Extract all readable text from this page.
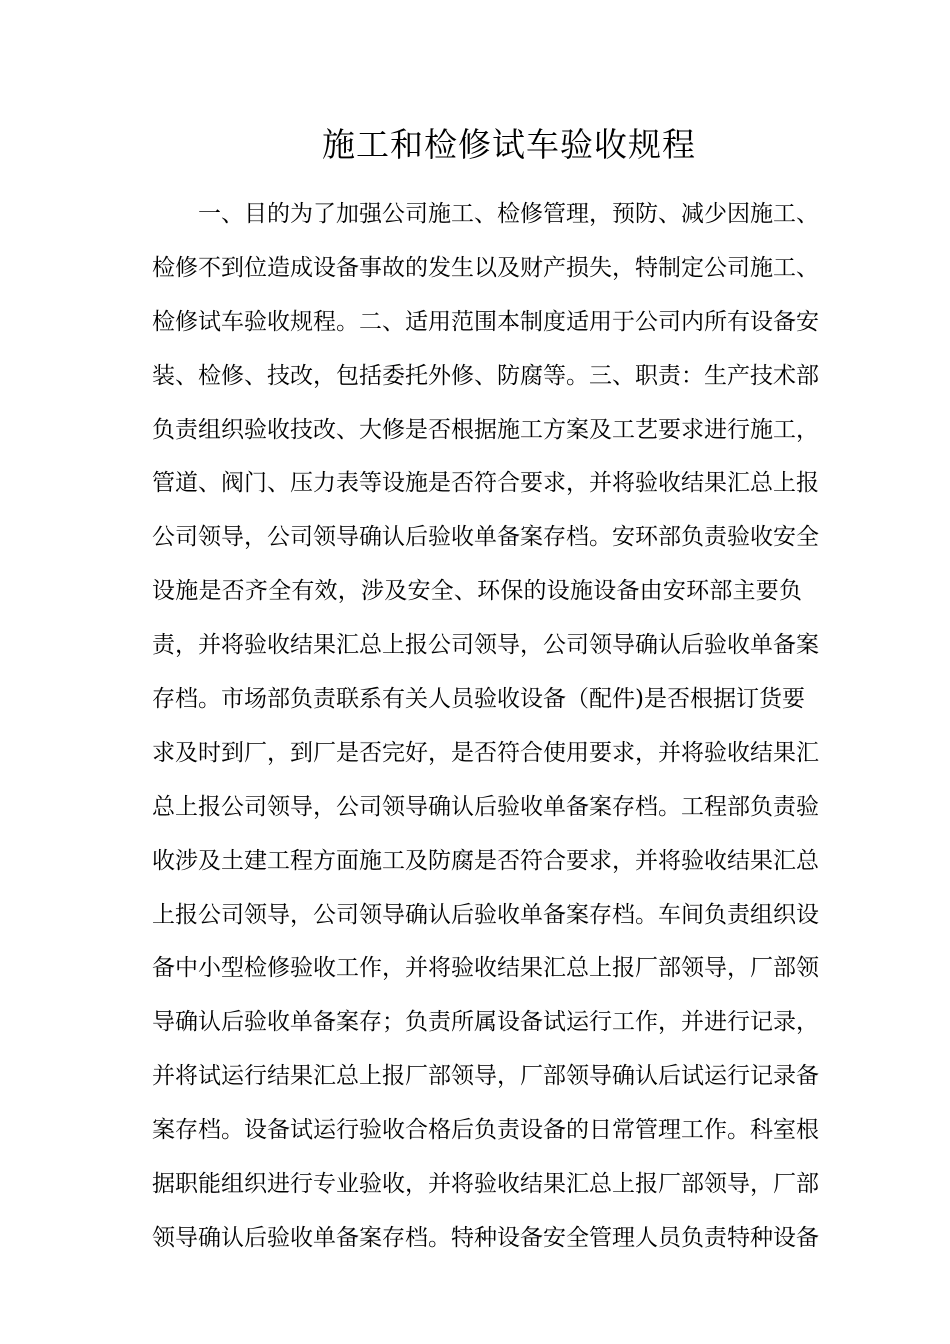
施工和检修试车验收规程
一、目的为了加强公司施工、检修管理，预防、减少因施工、
检修不到位造成设备事故的发生以及财产损失，特制定公司施工、
检修试车验收规程。二、适用范围本制度适用于公司内所有设备安
装、检修、技改，包括委托外修、防腐等。三、职责：生产技术部
负责组织验收技改、大修是否根据施工方案及工艺要求进行施工，
管道、阀门、压力表等设施是否符合要求，并将验收结果汇总上报
公司领导，公司领导确认后验收单备案存档。安环部负责验收安全
设施是否齐全有效，涉及安全、环保的设施设备由安环部主要负
责，并将验收结果汇总上报公司领导，公司领导确认后验收单备案
存档。市场部负责联系有关人员验收设备（配件)是否根据订货要
求及时到厂，到厂是否完好，是否符合使用要求，并将验收结果汇
总上报公司领导，公司领导确认后验收单备案存档。工程部负责验
收涉及土建工程方面施工及防腐是否符合要求，并将验收结果汇总
上报公司领导，公司领导确认后验收单备案存档。车间负责组织设
备中小型检修验收工作，并将验收结果汇总上报厂部领导，厂部领
导确认后验收单备案存；负责所属设备试运行工作，并进行记录，
并将试运行结果汇总上报厂部领导，厂部领导确认后试运行记录备
案存档。设备试运行验收合格后负责设备的日常管理工作。科室根
据职能组织进行专业验收，并将验收结果汇总上报厂部领导，厂部
领导确认后验收单备案存档。特种设备安全管理人员负责特种设备
